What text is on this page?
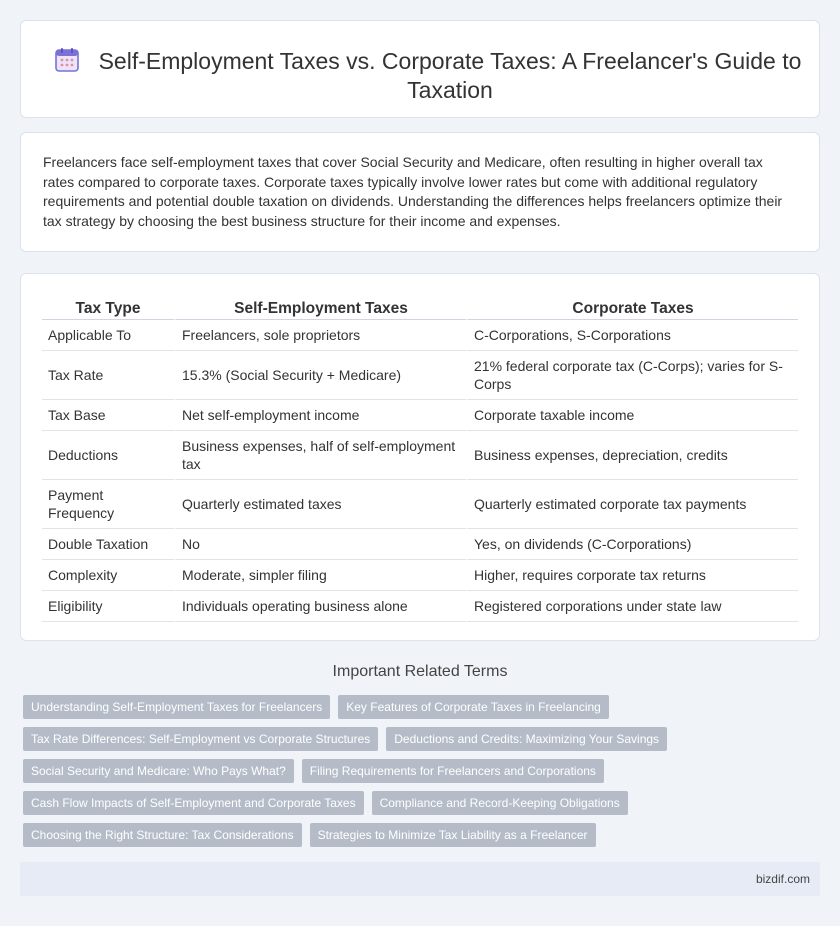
Self-Employment Taxes vs. Corporate Taxes: A Freelancer's Guide to Taxation

Freelancers face self-employment taxes that cover Social Security and Medicare, often resulting in higher overall tax rates compared to corporate taxes. Corporate taxes typically involve lower rates but come with additional regulatory requirements and potential double taxation on dividends. Understanding the differences helps freelancers optimize their tax strategy by choosing the best business structure for their income and expenses.

Tax Type	Self-Employment Taxes	Corporate Taxes
Applicable To	Freelancers, sole proprietors	C-Corporations, S-Corporations
Tax Rate	15.3% (Social Security + Medicare)	21% federal corporate tax (C-Corps); varies for S-Corps
Tax Base	Net self-employment income	Corporate taxable income
Deductions	Business expenses, half of self-employment tax	Business expenses, depreciation, credits
Payment Frequency	Quarterly estimated taxes	Quarterly estimated corporate tax payments
Double Taxation	No	Yes, on dividends (C-Corporations)
Complexity	Moderate, simpler filing	Higher, requires corporate tax returns
Eligibility	Individuals operating business alone	Registered corporations under state law
Important Related Terms
Understanding Self-Employment Taxes for Freelancers	Key Features of Corporate Taxes in Freelancing
Tax Rate Differences: Self-Employment vs Corporate Structures	Deductions and Credits: Maximizing Your Savings
Social Security and Medicare: Who Pays What?	Filing Requirements for Freelancers and Corporations
Cash Flow Impacts of Self-Employment and Corporate Taxes	Compliance and Record-Keeping Obligations
Choosing the Right Structure: Tax Considerations	Strategies to Minimize Tax Liability as a Freelancer
bizdif.com
